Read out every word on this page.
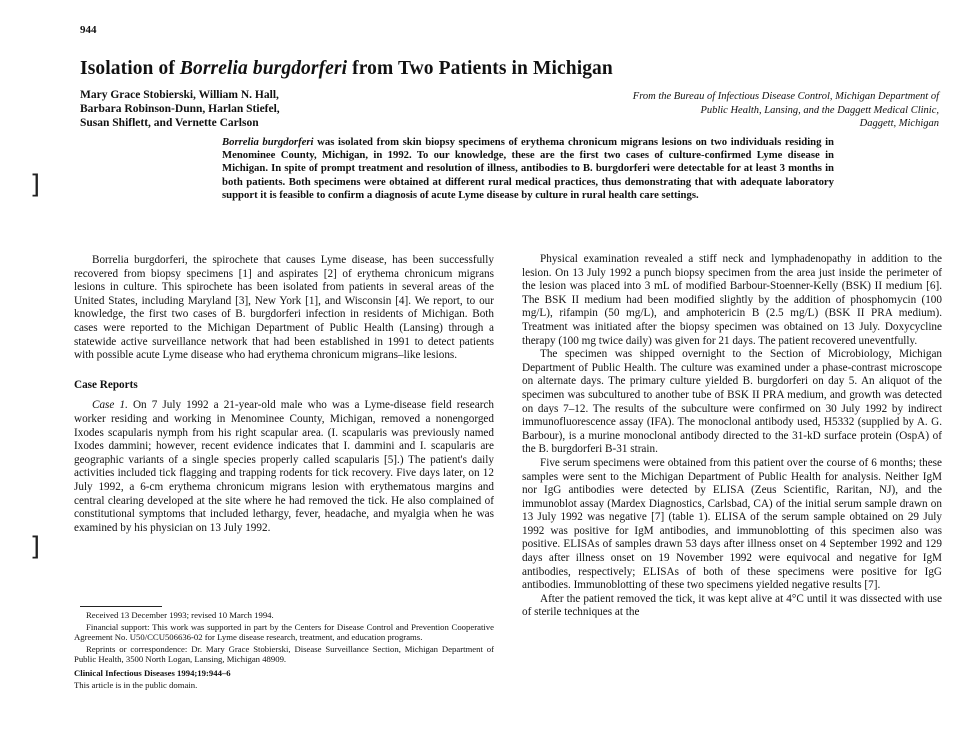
944
Isolation of Borrelia burgdorferi from Two Patients in Michigan
Mary Grace Stobierski, William N. Hall,
Barbara Robinson-Dunn, Harlan Stiefel,
Susan Shiflett, and Vernette Carlson
From the Bureau of Infectious Disease Control, Michigan Department of
Public Health, Lansing, and the Daggett Medical Clinic,
Daggett, Michigan
]
Borrelia burgdorferi was isolated from skin biopsy specimens of erythema chronicum migrans lesions on two individuals residing in Menominee County, Michigan, in 1992. To our knowledge, these are the first two cases of culture-confirmed Lyme disease in Michigan. In spite of prompt treatment and resolution of illness, antibodies to B. burgdorferi were detectable for at least 3 months in both patients. Both specimens were obtained at different rural medical practices, thus demonstrating that with adequate laboratory support it is feasible to confirm a diagnosis of acute Lyme disease by culture in rural health care settings.

Borrelia burgdorferi, the spirochete that causes Lyme disease, has been successfully recovered from biopsy specimens [1] and aspirates [2] of erythema chronicum migrans lesions in culture. This spirochete has been isolated from patients in several areas of the United States, including Maryland [3], New York [1], and Wisconsin [4]. We report, to our knowledge, the first two cases of B. burgdorferi infection in residents of Michigan. Both cases were reported to the Michigan Department of Public Health (Lansing) through a statewide active surveillance network that had been established in 1991 to detect patients with possible acute Lyme disease who had erythema chronicum migrans–like lesions.

Case Reports

Case 1. On 7 July 1992 a 21-year-old male who was a Lyme-disease field research worker residing and working in Menominee County, Michigan, removed a nonengorged Ixodes scapularis nymph from his right scapular area. (I. scapularis was previously named Ixodes dammini; however, recent evidence indicates that I. dammini and I. scapularis are geographic variants of a single species properly called scapularis [5].) The patient's daily activities included tick flagging and trapping rodents for tick recovery. Five days later, on 12 July 1992, a 6-cm erythema chronicum migrans lesion with erythematous margins and central clearing developed at the site where he had removed the tick. He also complained of constitutional symptoms that included lethargy, fever, headache, and myalgia when he was examined by his physician on 13 July 1992.

]

Received 13 December 1993; revised 10 March 1994.

Financial support: This work was supported in part by the Centers for Disease Control and Prevention Cooperative Agreement No. U50/CCU506636-02 for Lyme disease research, treatment, and education programs.

Reprints or correspondence: Dr. Mary Grace Stobierski, Disease Surveillance Section, Michigan Department of Public Health, 3500 North Logan, Lansing, Michigan 48909.

Clinical Infectious Diseases 1994;19:944–6

This article is in the public domain.

Physical examination revealed a stiff neck and lymphadenopathy in addition to the lesion. On 13 July 1992 a punch biopsy specimen from the area just inside the perimeter of the lesion was placed into 3 mL of modified Barbour-Stoenner-Kelly (BSK) II medium [6]. The BSK II medium had been modified slightly by the addition of phosphomycin (100 mg/L), rifampin (50 mg/L), and amphotericin B (2.5 mg/L) (BSK II PRA medium). Treatment was initiated after the biopsy specimen was obtained on 13 July. Doxycycline therapy (100 mg twice daily) was given for 21 days. The patient recovered uneventfully.

The specimen was shipped overnight to the Section of Microbiology, Michigan Department of Public Health. The culture was examined under a phase-contrast microscope on alternate days. The primary culture yielded B. burgdorferi on day 5. An aliquot of the specimen was subcultured to another tube of BSK II PRA medium, and growth was detected on days 7–12. The results of the subculture were confirmed on 30 July 1992 by indirect immunofluorescence assay (IFA). The monoclonal antibody used, H5332 (supplied by A. G. Barbour), is a murine monoclonal antibody directed to the 31-kD surface protein (OspA) of the B. burgdorferi B-31 strain.

Five serum specimens were obtained from this patient over the course of 6 months; these samples were sent to the Michigan Department of Public Health for analysis. Neither IgM nor IgG antibodies were detected by ELISA (Zeus Scientific, Raritan, NJ), and the immunoblot assay (Mardex Diagnostics, Carlsbad, CA) of the initial serum sample drawn on 13 July 1992 was negative [7] (table 1). ELISA of the serum sample obtained on 29 July 1992 was positive for IgM antibodies, and immunoblotting of this specimen also was positive. ELISAs of samples drawn 53 days after illness onset on 4 September 1992 and 129 days after illness onset on 19 November 1992 were equivocal and negative for IgM antibodies, respectively; ELISAs of both of these specimens were positive for IgG antibodies. Immunoblotting of these two specimens yielded negative results [7].

After the patient removed the tick, it was kept alive at 4°C until it was dissected with use of sterile techniques at the
